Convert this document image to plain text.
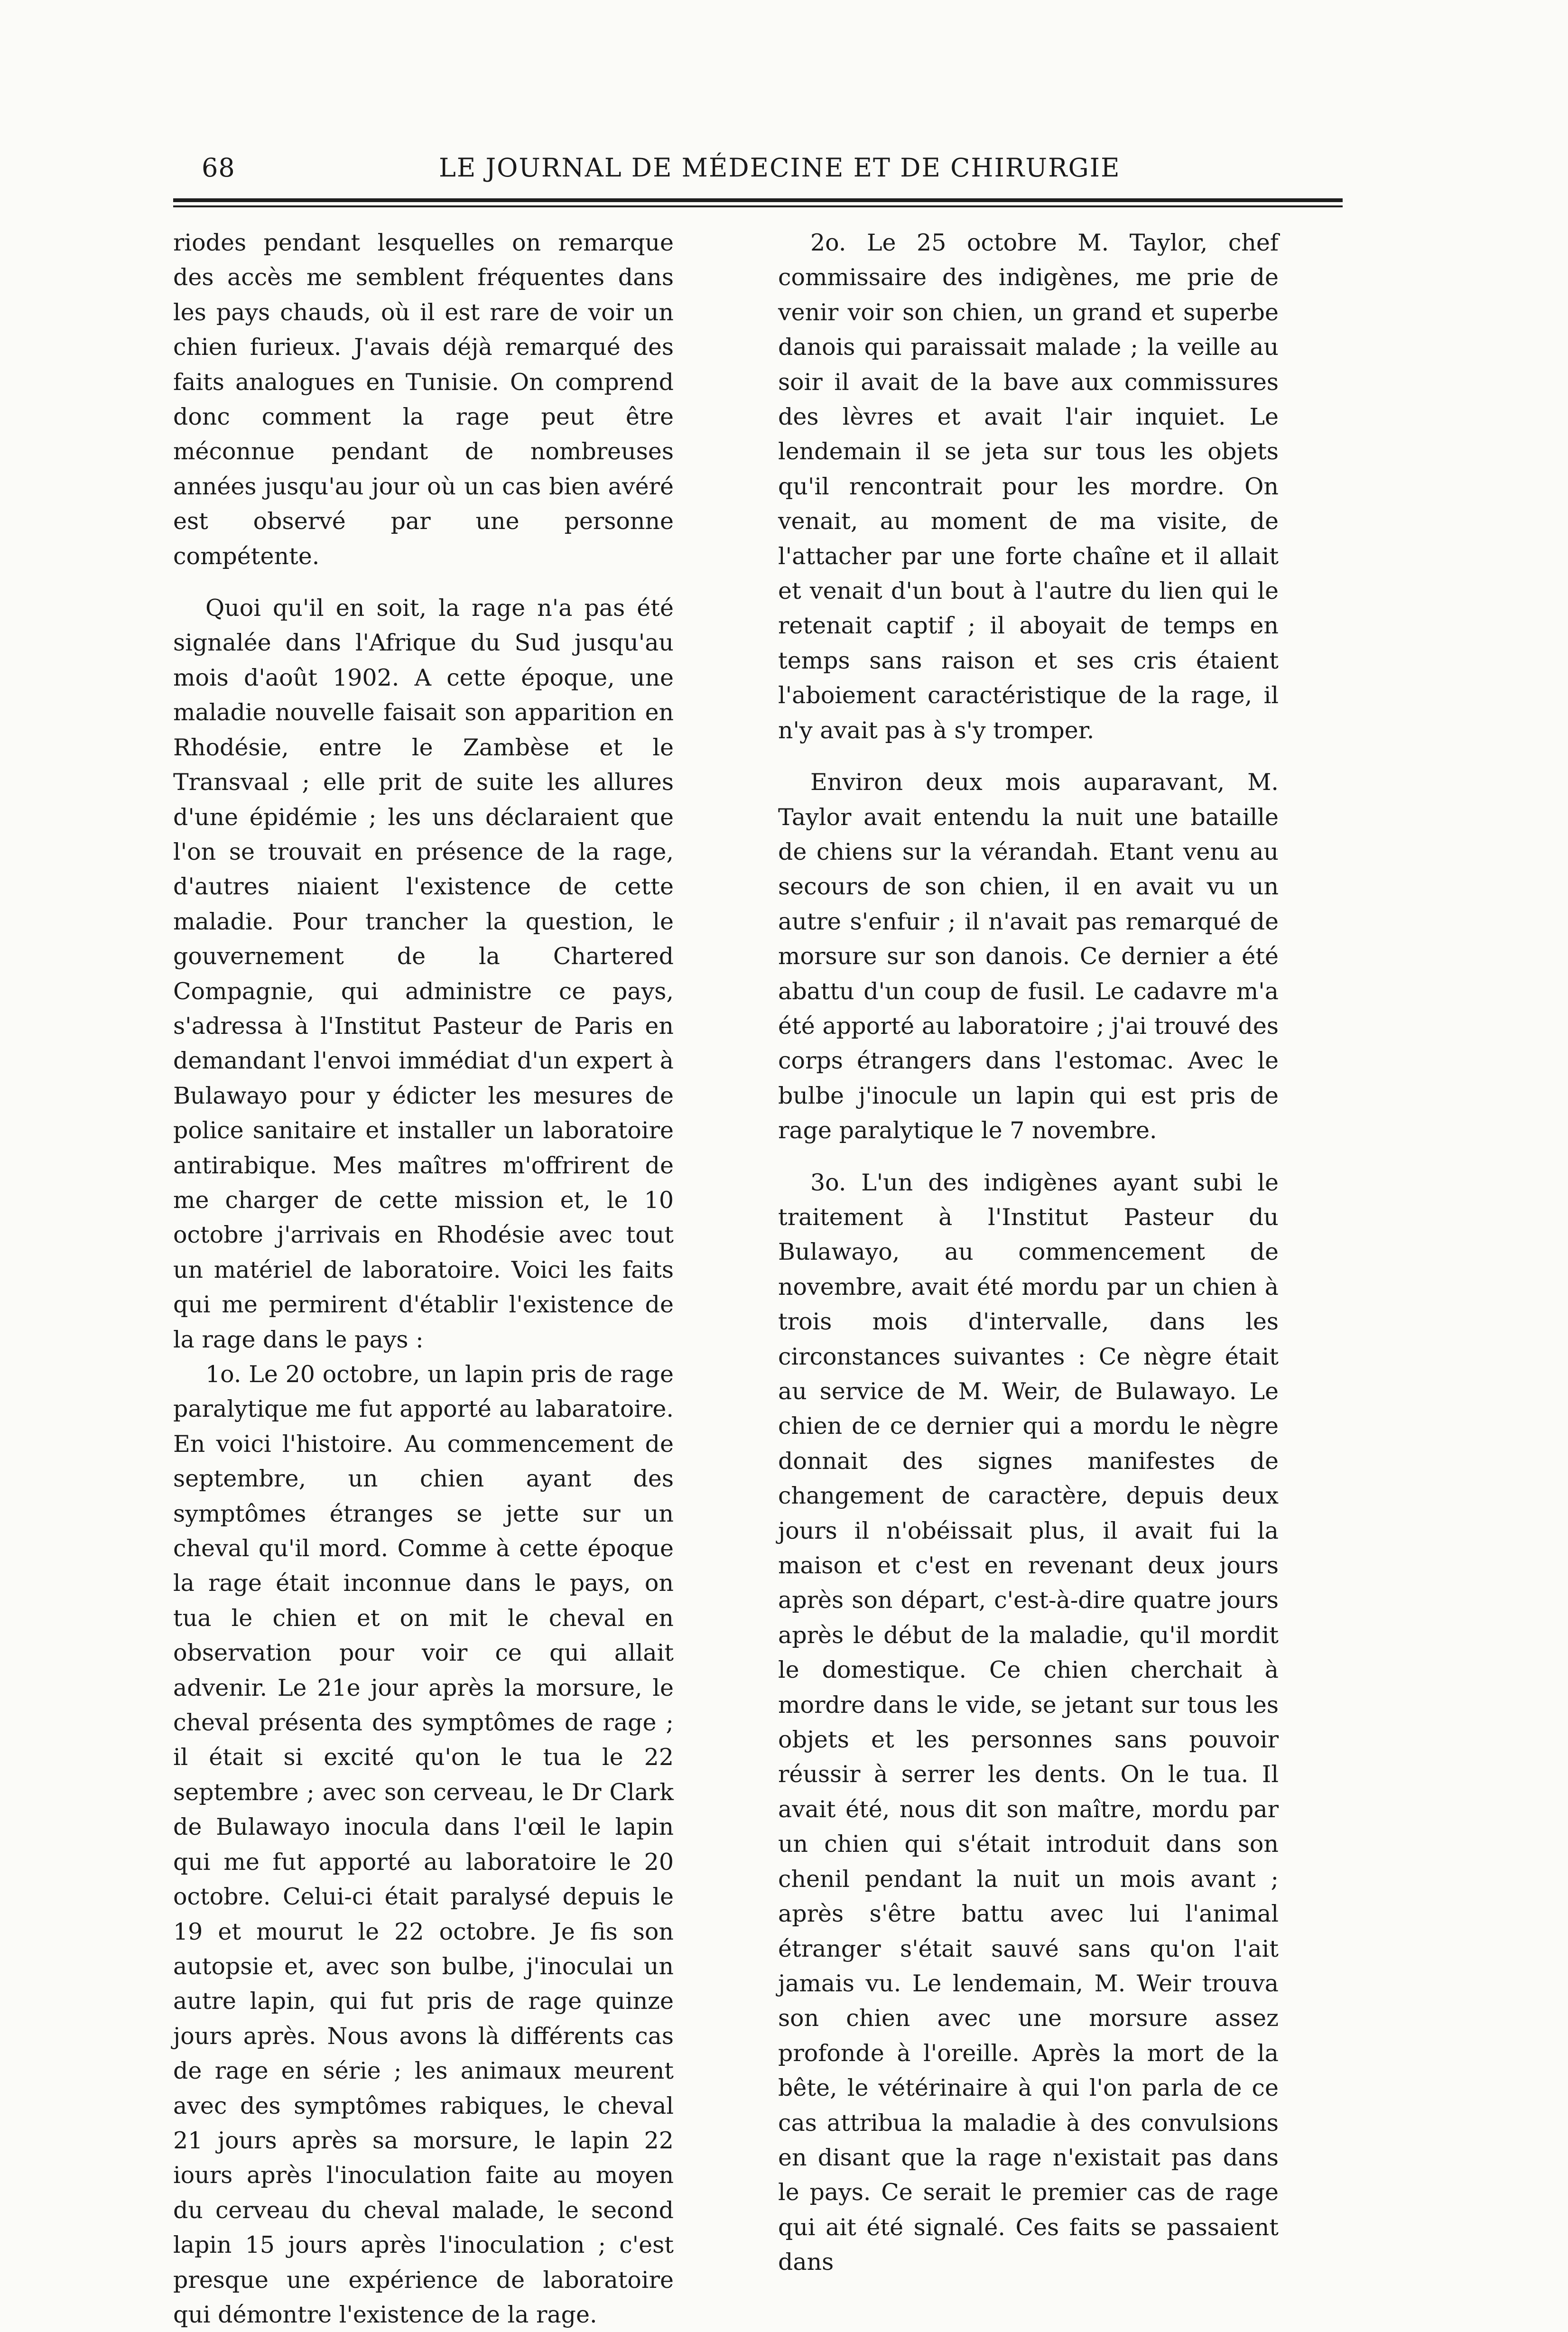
68	LE JOURNAL DE MÉDECINE ET DE CHIRURGIE

riodes pendant lesquelles on remarque des accès me semblent fréquentes dans les pays chauds, où il est rare de voir un chien furieux. J'avais déjà remarqué des faits analogues en Tunisie. On comprend donc comment la rage peut être méconnue pendant de nombreuses années jusqu'au jour où un cas bien avéré est observé par une personne compétente.

Quoi qu'il en soit, la rage n'a pas été signalée dans l'Afrique du Sud jusqu'au mois d'août 1902. A cette époque, une maladie nouvelle faisait son apparition en Rhodésie, entre le Zambèse et le Transvaal ; elle prit de suite les allures d'une épidémie ; les uns déclaraient que l'on se trouvait en présence de la rage, d'autres niaient l'existence de cette maladie. Pour trancher la question, le gouvernement de la Chartered Compagnie, qui administre ce pays, s'adressa à l'Institut Pasteur de Paris en demandant l'envoi immédiat d'un expert à Bulawayo pour y édicter les mesures de police sanitaire et installer un laboratoire antirabique. Mes maîtres m'offrirent de me charger de cette mission et, le 10 octobre j'arrivais en Rhodésie avec tout un matériel de laboratoire. Voici les faits qui me permirent d'établir l'existence de la rage dans le pays :

1o. Le 20 octobre, un lapin pris de rage paralytique me fut apporté au labaratoire. En voici l'histoire. Au commencement de septembre, un chien ayant des symptômes étranges se jette sur un cheval qu'il mord. Comme à cette époque la rage était inconnue dans le pays, on tua le chien et on mit le cheval en observation pour voir ce qui allait advenir. Le 21e jour après la morsure, le cheval présenta des symptômes de rage ; il était si excité qu'on le tua le 22 septembre ; avec son cerveau, le Dr Clark de Bulawayo inocula dans l'œil le lapin qui me fut apporté au laboratoire le 20 octobre. Celui-ci était paralysé depuis le 19 et mourut le 22 octobre. Je fis son autopsie et, avec son bulbe, j'inoculai un autre lapin, qui fut pris de rage quinze jours après. Nous avons là différents cas de rage en série ; les animaux meurent avec des symptômes rabiques, le cheval 21 jours après sa morsure, le lapin 22 iours après l'inoculation faite au moyen du cerveau du cheval malade, le second lapin 15 jours après l'inoculation ; c'est presque une expérience de laboratoire qui démontre l'existence de la rage.

2o. Le 25 octobre M. Taylor, chef commissaire des indigènes, me prie de venir voir son chien, un grand et superbe danois qui paraissait malade ; la veille au soir il avait de la bave aux commissures des lèvres et avait l'air inquiet. Le lendemain il se jeta sur tous les objets qu'il rencontrait pour les mordre. On venait, au moment de ma visite, de l'attacher par une forte chaîne et il allait et venait d'un bout à l'autre du lien qui le retenait captif ; il aboyait de temps en temps sans raison et ses cris étaient l'aboiement caractéristique de la rage, il n'y avait pas à s'y tromper.

Environ deux mois auparavant, M. Taylor avait entendu la nuit une bataille de chiens sur la vérandah. Etant venu au secours de son chien, il en avait vu un autre s'enfuir ; il n'avait pas remarqué de morsure sur son danois. Ce dernier a été abattu d'un coup de fusil. Le cadavre m'a été apporté au laboratoire ; j'ai trouvé des corps étrangers dans l'estomac. Avec le bulbe j'inocule un lapin qui est pris de rage paralytique le 7 novembre.

3o. L'un des indigènes ayant subi le traitement à l'Institut Pasteur du Bulawayo, au commencement de novembre, avait été mordu par un chien à trois mois d'intervalle, dans les circonstances suivantes : Ce nègre était au service de M. Weir, de Bulawayo. Le chien de ce dernier qui a mordu le nègre donnait des signes manifestes de changement de caractère, depuis deux jours il n'obéissait plus, il avait fui la maison et c'est en revenant deux jours après son départ, c'est-à-dire quatre jours après le début de la maladie, qu'il mordit le domestique. Ce chien cherchait à mordre dans le vide, se jetant sur tous les objets et les personnes sans pouvoir réussir à serrer les dents. On le tua. Il avait été, nous dit son maître, mordu par un chien qui s'était introduit dans son chenil pendant la nuit un mois avant ; après s'être battu avec lui l'animal étranger s'était sauvé sans qu'on l'ait jamais vu. Le lendemain, M. Weir trouva son chien avec une morsure assez profonde à l'oreille. Après la mort de la bête, le vétérinaire à qui l'on parla de ce cas attribua la maladie à des convulsions en disant que la rage n'existait pas dans le pays. Ce serait le premier cas de rage qui ait été signalé. Ces faits se passaient dans
